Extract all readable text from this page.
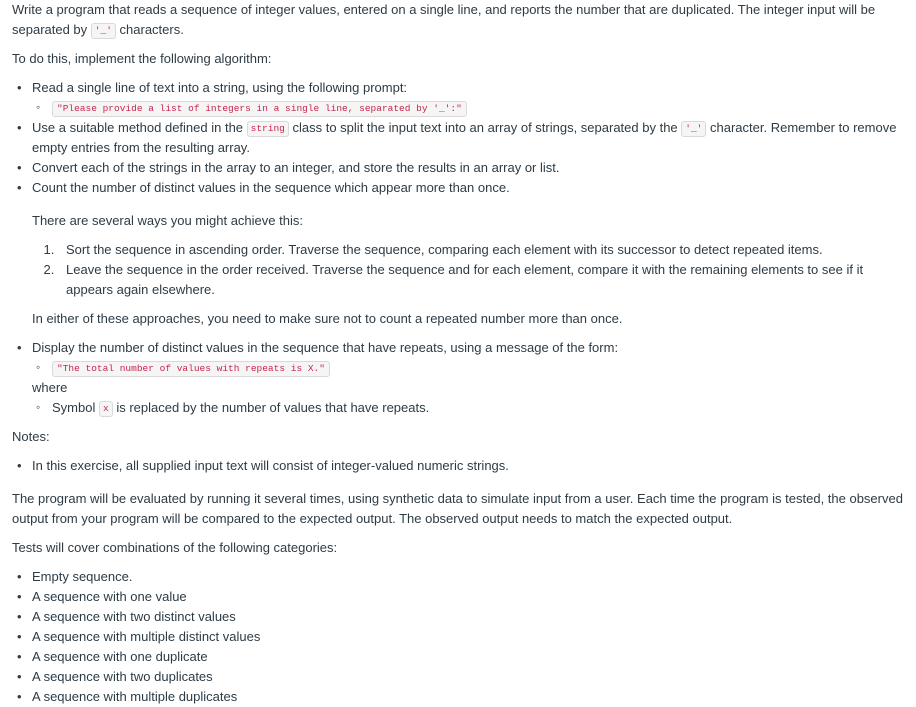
Write a program that reads a sequence of integer values, entered on a single line, and reports the number that are duplicated. The integer input will be separated by '_' characters.

To do this, implement the following algorithm:

• Read a single line of text into a string, using the following prompt:
◦ "Please provide a list of integers in a single line, separated by '_':"
• Use a suitable method defined in the string class to split the input text into an array of strings, separated by the '_' character. Remember to remove empty entries from the resulting array.
• Convert each of the strings in the array to an integer, and store the results in an array or list.
• Count the number of distinct values in the sequence which appear more than once.

There are several ways you might achieve this:

1. Sort the sequence in ascending order. Traverse the sequence, comparing each element with its successor to detect repeated items.
2. Leave the sequence in the order received. Traverse the sequence and for each element, compare it with the remaining elements to see if it appears again elsewhere.

In either of these approaches, you need to make sure not to count a repeated number more than once.

• Display the number of distinct values in the sequence that have repeats, using a message of the form:
◦ "The total number of values with repeats is X."

where

◦ Symbol x is replaced by the number of values that have repeats.

Notes:

• In this exercise, all supplied input text will consist of integer-valued numeric strings.

The program will be evaluated by running it several times, using synthetic data to simulate input from a user. Each time the program is tested, the observed output from your program will be compared to the expected output. The observed output needs to match the expected output.

Tests will cover combinations of the following categories:

• Empty sequence.
• A sequence with one value
• A sequence with two distinct values
• A sequence with multiple distinct values
• A sequence with one duplicate
• A sequence with two duplicates
• A sequence with multiple duplicates
